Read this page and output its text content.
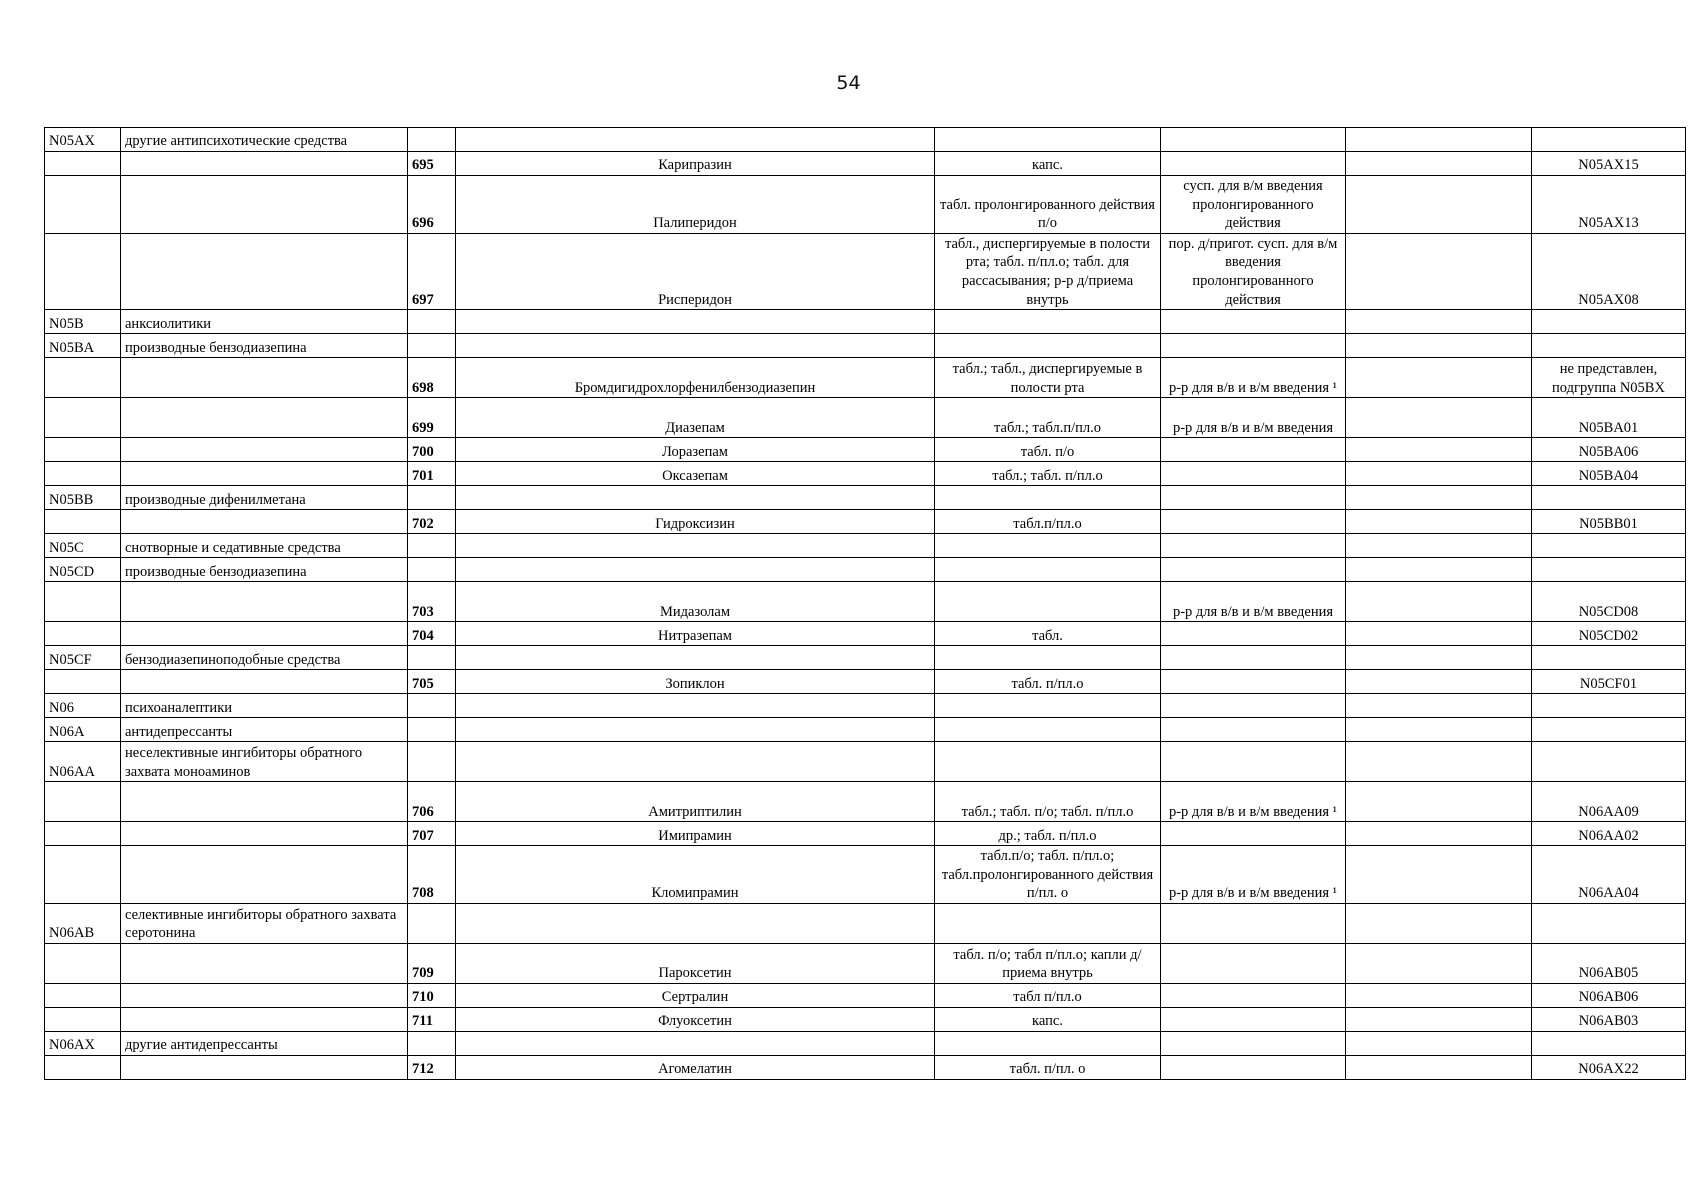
54
N05AX	другие антипсихотические средства						
		695	Карипразин	капс.			N05AX15
		696	Палиперидон	табл. пролонгированного действия п/о	сусп. для в/м введения пролонгированного действия		N05AX13
		697	Рисперидон	табл., диспергируемые в полости рта; табл. п/пл.о; табл. для рассасывания; р-р д/приема внутрь	пор. д/пригот. сусп. для в/м введения пролонгированного действия		N05AX08
N05B	анксиолитики						
N05BA	производные бензодиазепина						
		698	Бромдигидрохлорфенилбензодиазепин	табл.; табл., диспергируемые в полости рта	р-р для в/в и в/м введения ¹		не представлен, подгруппа N05BX
		699	Диазепам	табл.; табл.п/пл.о	р-р для в/в и в/м введения		N05BA01
		700	Лоразепам	табл. п/о			N05BA06
		701	Оксазепам	табл.; табл. п/пл.о			N05BA04
N05BB	производные дифенилметана						
		702	Гидроксизин	табл.п/пл.о			N05BB01
N05C	снотворные и седативные средства						
N05CD	производные бензодиазепина						
		703	Мидазолам		р-р для в/в и в/м введения		N05CD08
		704	Нитразепам	табл.			N05CD02
N05CF	бензодиазепиноподобные средства						
		705	Зопиклон	табл. п/пл.о			N05CF01
N06	психоаналептики						
N06A	антидепрессанты						
N06AA	неселективные ингибиторы обратного захвата моноаминов						
		706	Амитриптилин	табл.; табл. п/о; табл. п/пл.о	р-р для в/в и в/м введения ¹		N06AA09
		707	Имипрамин	др.; табл. п/пл.о			N06AA02
		708	Кломипрамин	табл.п/о; табл. п/пл.о; табл.пролонгированного действия п/пл. о	р-р для в/в и в/м введения ¹		N06AA04
N06AB	селективные ингибиторы обратного захвата серотонина						
		709	Пароксетин	табл. п/о; табл п/пл.о; капли д/приема внутрь			N06AB05
		710	Сертралин	табл п/пл.о			N06AB06
		711	Флуоксетин	капс.			N06AB03
N06AX	другие антидепрессанты						
		712	Агомелатин	табл. п/пл. о			N06AX22
